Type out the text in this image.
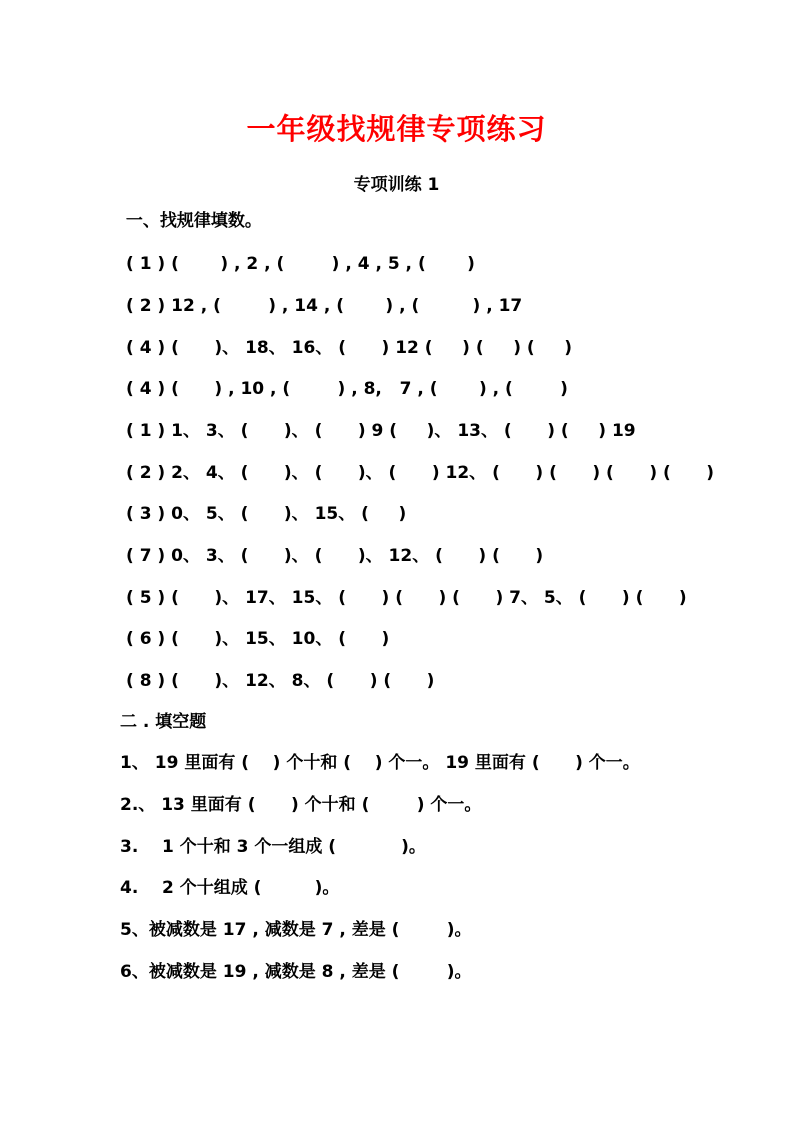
一年级找规律专项练习
专项训练 1
一、找规律填数。
( 1 ) (       ) , 2 , (        ) , 4 , 5 , (       )
( 2 ) 12 , (        ) , 14 , (       ) , (         ) , 17
( 4 ) (      )、 18、 16、 (      ) 12 (     ) (     ) (     )
( 4 ) (      ) , 10 , (        ) , 8,   7 , (       ) , (        )
( 1 ) 1、 3、 (      )、 (      ) 9 (     )、 13、 (      ) (     ) 19
( 2 ) 2、 4、 (      )、 (      )、 (      ) 12、 (      ) (      ) (      ) (      )
( 3 ) 0、 5、 (      )、 15、 (     )
( 7 ) 0、 3、 (      )、 (      )、 12、 (      ) (      )
( 5 ) (      )、 17、 15、 (      ) (      ) (      ) 7、 5、 (      ) (      )
( 6 ) (      )、 15、 10、 (      )
( 8 ) (      )、 12、 8、 (      ) (      )
二 . 填空题
1、 19 里面有 (    ) 个十和 (    ) 个一。 19 里面有 (      ) 个一。
2.、 13 里面有 (      ) 个十和 (        ) 个一。
3.    1 个十和 3 个一组成 (           )。
4.    2 个十组成 (         )。
5、被减数是 17 , 减数是 7 , 差是 (        )。
6、被减数是 19 , 减数是 8 , 差是 (        )。
